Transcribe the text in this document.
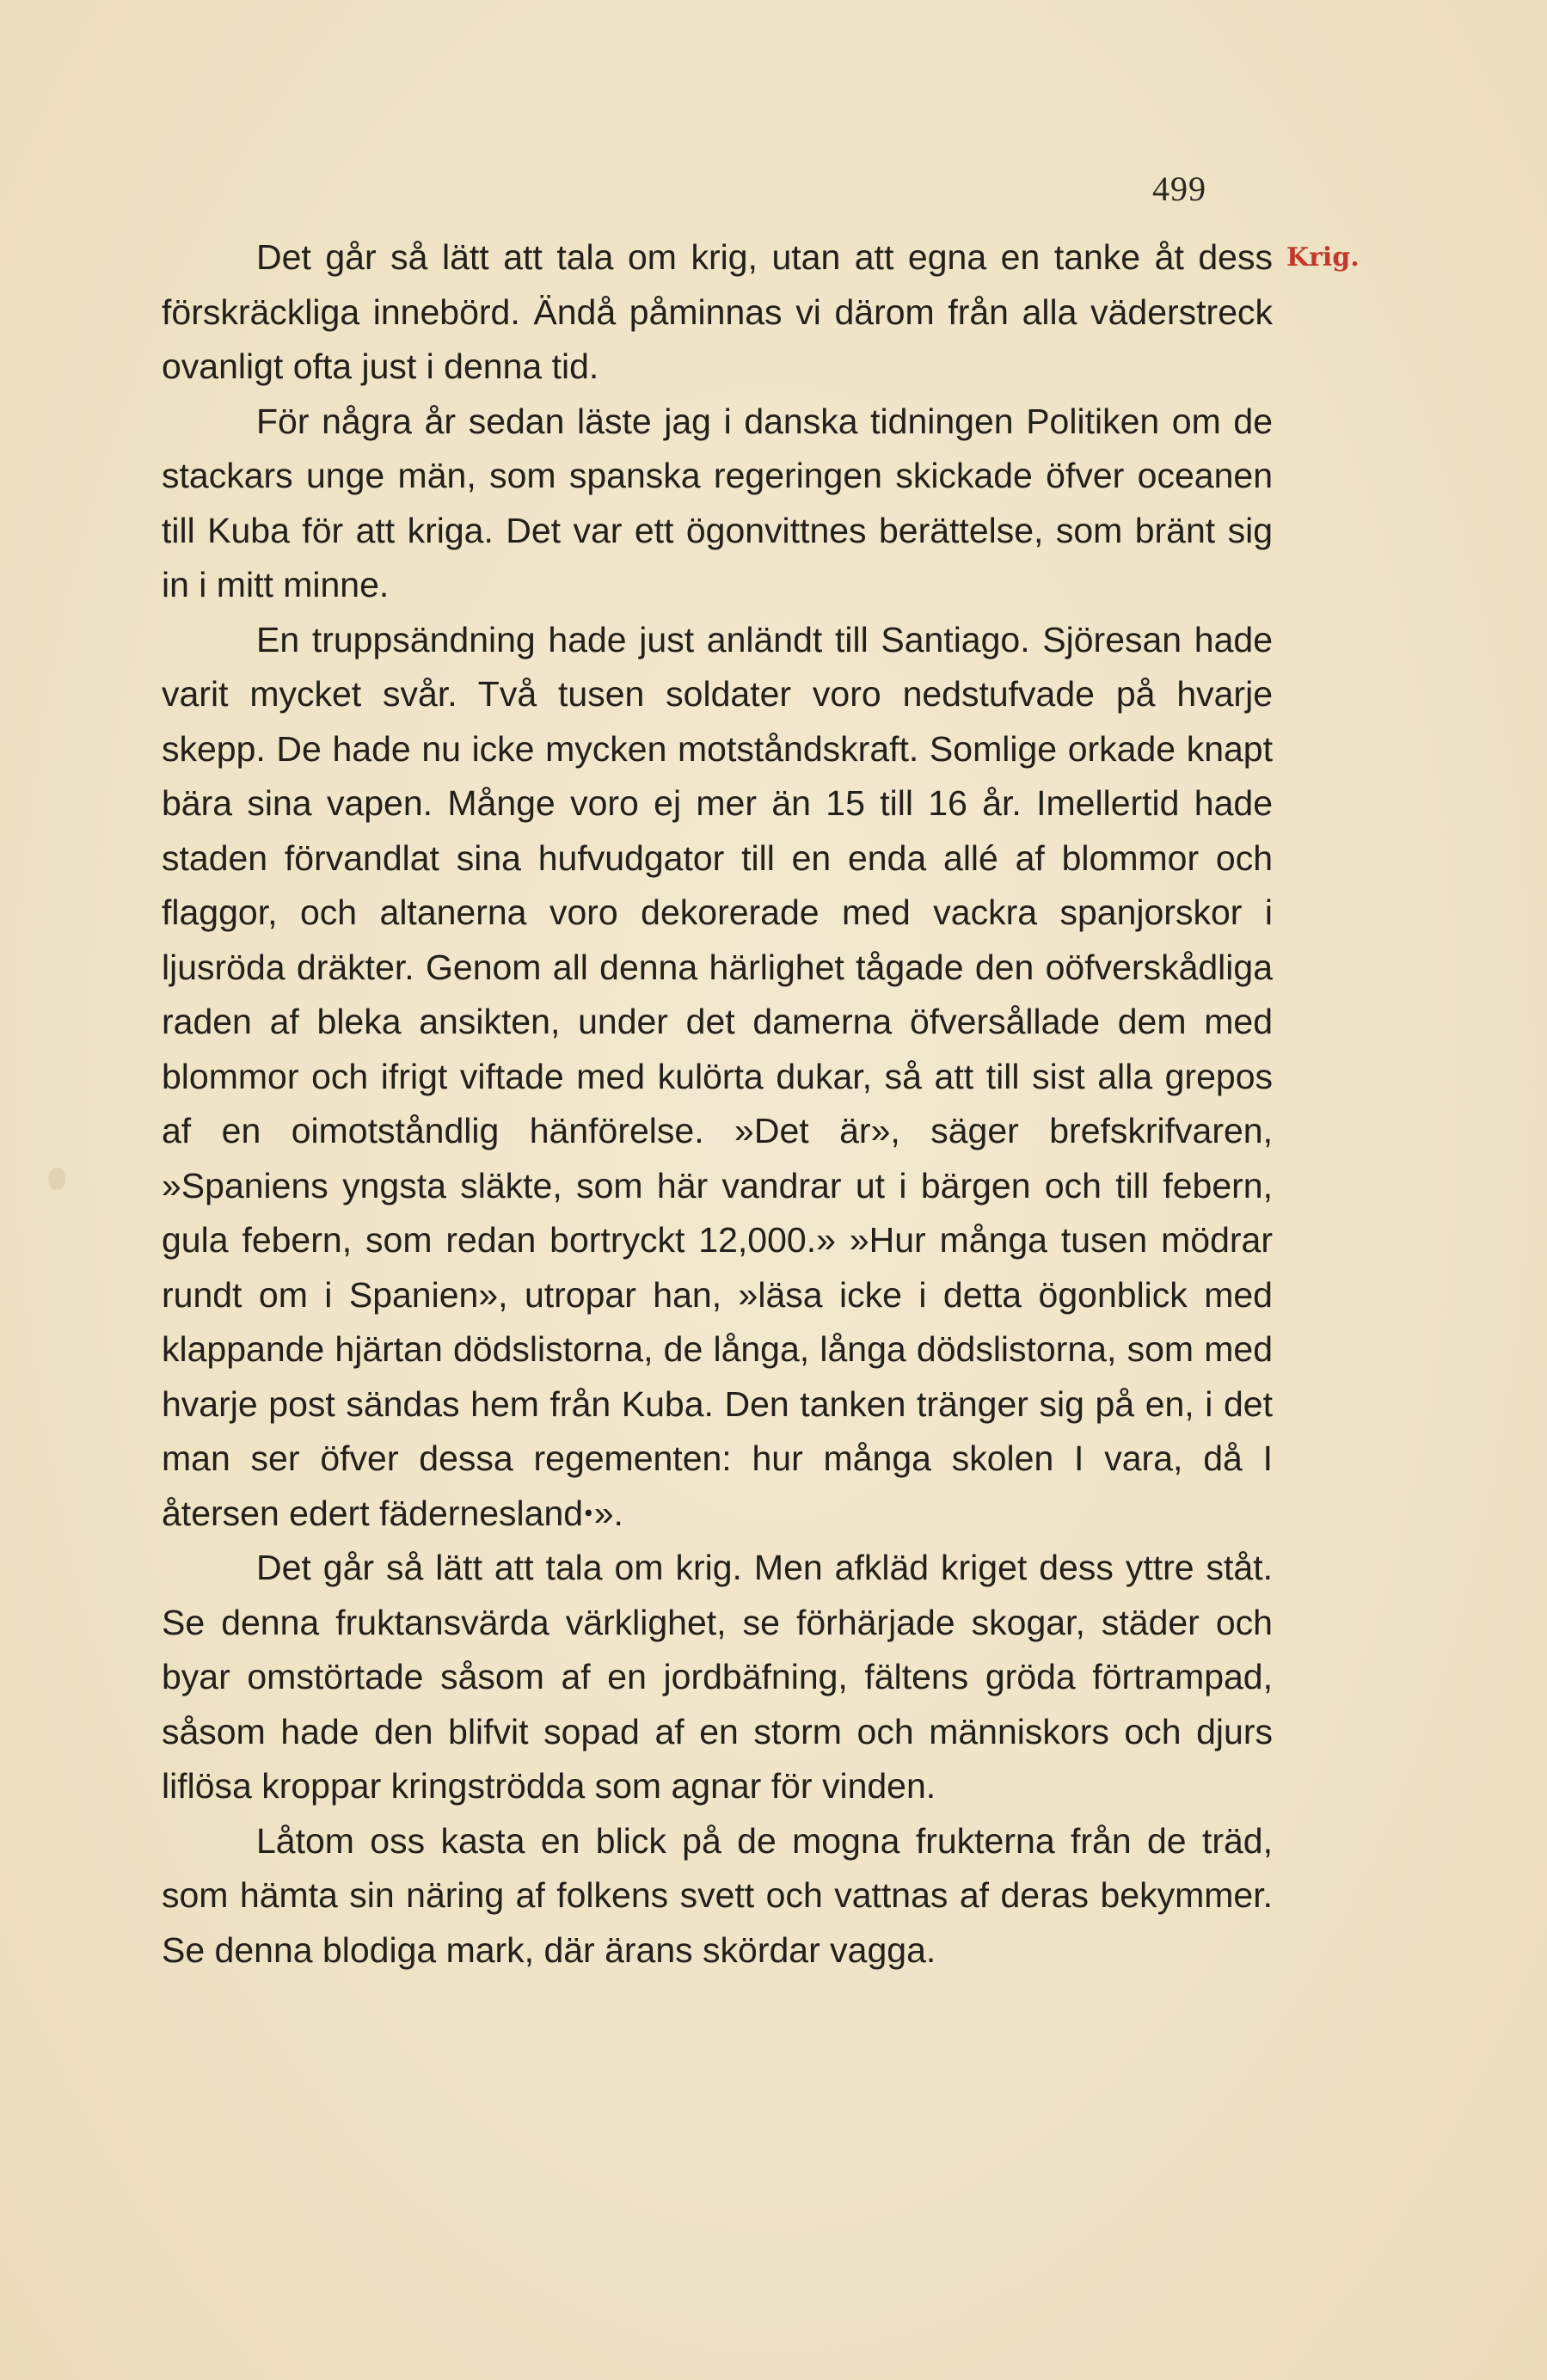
499
Krig.

Det går så lätt att tala om krig, utan att egna en tanke åt dess förskräckliga innebörd. Ändå påminnas vi därom från alla väderstreck ovanligt ofta just i denna tid.

För några år sedan läste jag i danska tidningen Politiken om de stackars unge män, som spanska regeringen skickade öfver oceanen till Kuba för att kriga. Det var ett ögonvittnes berättelse, som bränt sig in i mitt minne.

En truppsändning hade just anländt till Santiago. Sjöresan hade varit mycket svår. Två tusen soldater voro nedstufvade på hvarje skepp. De hade nu icke mycken motståndskraft. Somlige orkade knapt bära sina vapen. Månge voro ej mer än 15 till 16 år. Imellertid hade staden förvandlat sina hufvudgator till en enda allé af blommor och flaggor, och altanerna voro dekorerade med vackra spanjorskor i ljusröda dräkter. Genom all denna härlighet tågade den oöfverskådliga raden af bleka ansikten, under det damerna öfversållade dem med blommor och ifrigt viftade med kulörta dukar, så att till sist alla grepos af en oimotståndlig hänförelse. »Det är», säger brefskrifvaren, »Spaniens yngsta släkte, som här vandrar ut i bärgen och till febern, gula febern, som redan bortryckt 12,000.» »Hur många tusen mödrar rundt om i Spanien», utropar han, »läsa icke i detta ögonblick med klappande hjärtan dödslistorna, de långa, långa dödslistorna, som med hvarje post sändas hem från Kuba. Den tanken tränger sig på en, i det man ser öfver dessa regementen: hur många skolen I vara, då I återsen edert fäderneslandꞏ».

Det går så lätt att tala om krig. Men afkläd kriget dess yttre ståt. Se denna fruktansvärda värklighet, se förhärjade skogar, städer och byar omstörtade såsom af en jordbäfning, fältens gröda förtrampad, såsom hade den blifvit sopad af en storm och människors och djurs liflösa kroppar kringströdda som agnar för vinden.

Låtom oss kasta en blick på de mogna frukterna från de träd, som hämta sin näring af folkens svett och vattnas af deras bekymmer. Se denna blodiga mark, där ärans skördar vagga.
